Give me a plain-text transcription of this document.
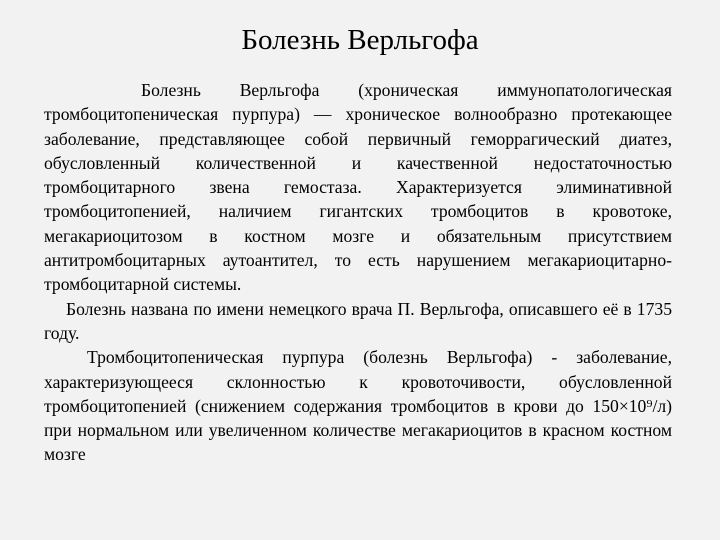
Болезнь Верльгофа

Болезнь Верльгофа (хроническая иммунопатологическая тромбоцитопеническая пурпура) — хроническое волнообразно протекающее заболевание, представляющее собой первичный геморрагический диатез, обусловленный количественной и качественной недостаточностью тромбоцитарного звена гемостаза. Характеризуется элиминативной тромбоцитопенией, наличием гигантских тромбоцитов в кровотоке, мегакариоцитозом в костном мозге и обязательным присутствием антитромбоцитарных аутоантител, то есть нарушением мегакариоцитарно-тромбоцитарной системы.

Болезнь названа по имени немецкого врача П. Верльгофа, описавшего её в 1735 году.

Тромбоцитопеническая пурпура (болезнь Верльгофа) - заболевание, характеризующееся склонностью к кровоточивости, обусловленной тромбоцитопенией (снижением содержания тромбоцитов в крови до 150×10⁹/л) при нормальном или увеличенном количестве мегакариоцитов в красном костном мозге
